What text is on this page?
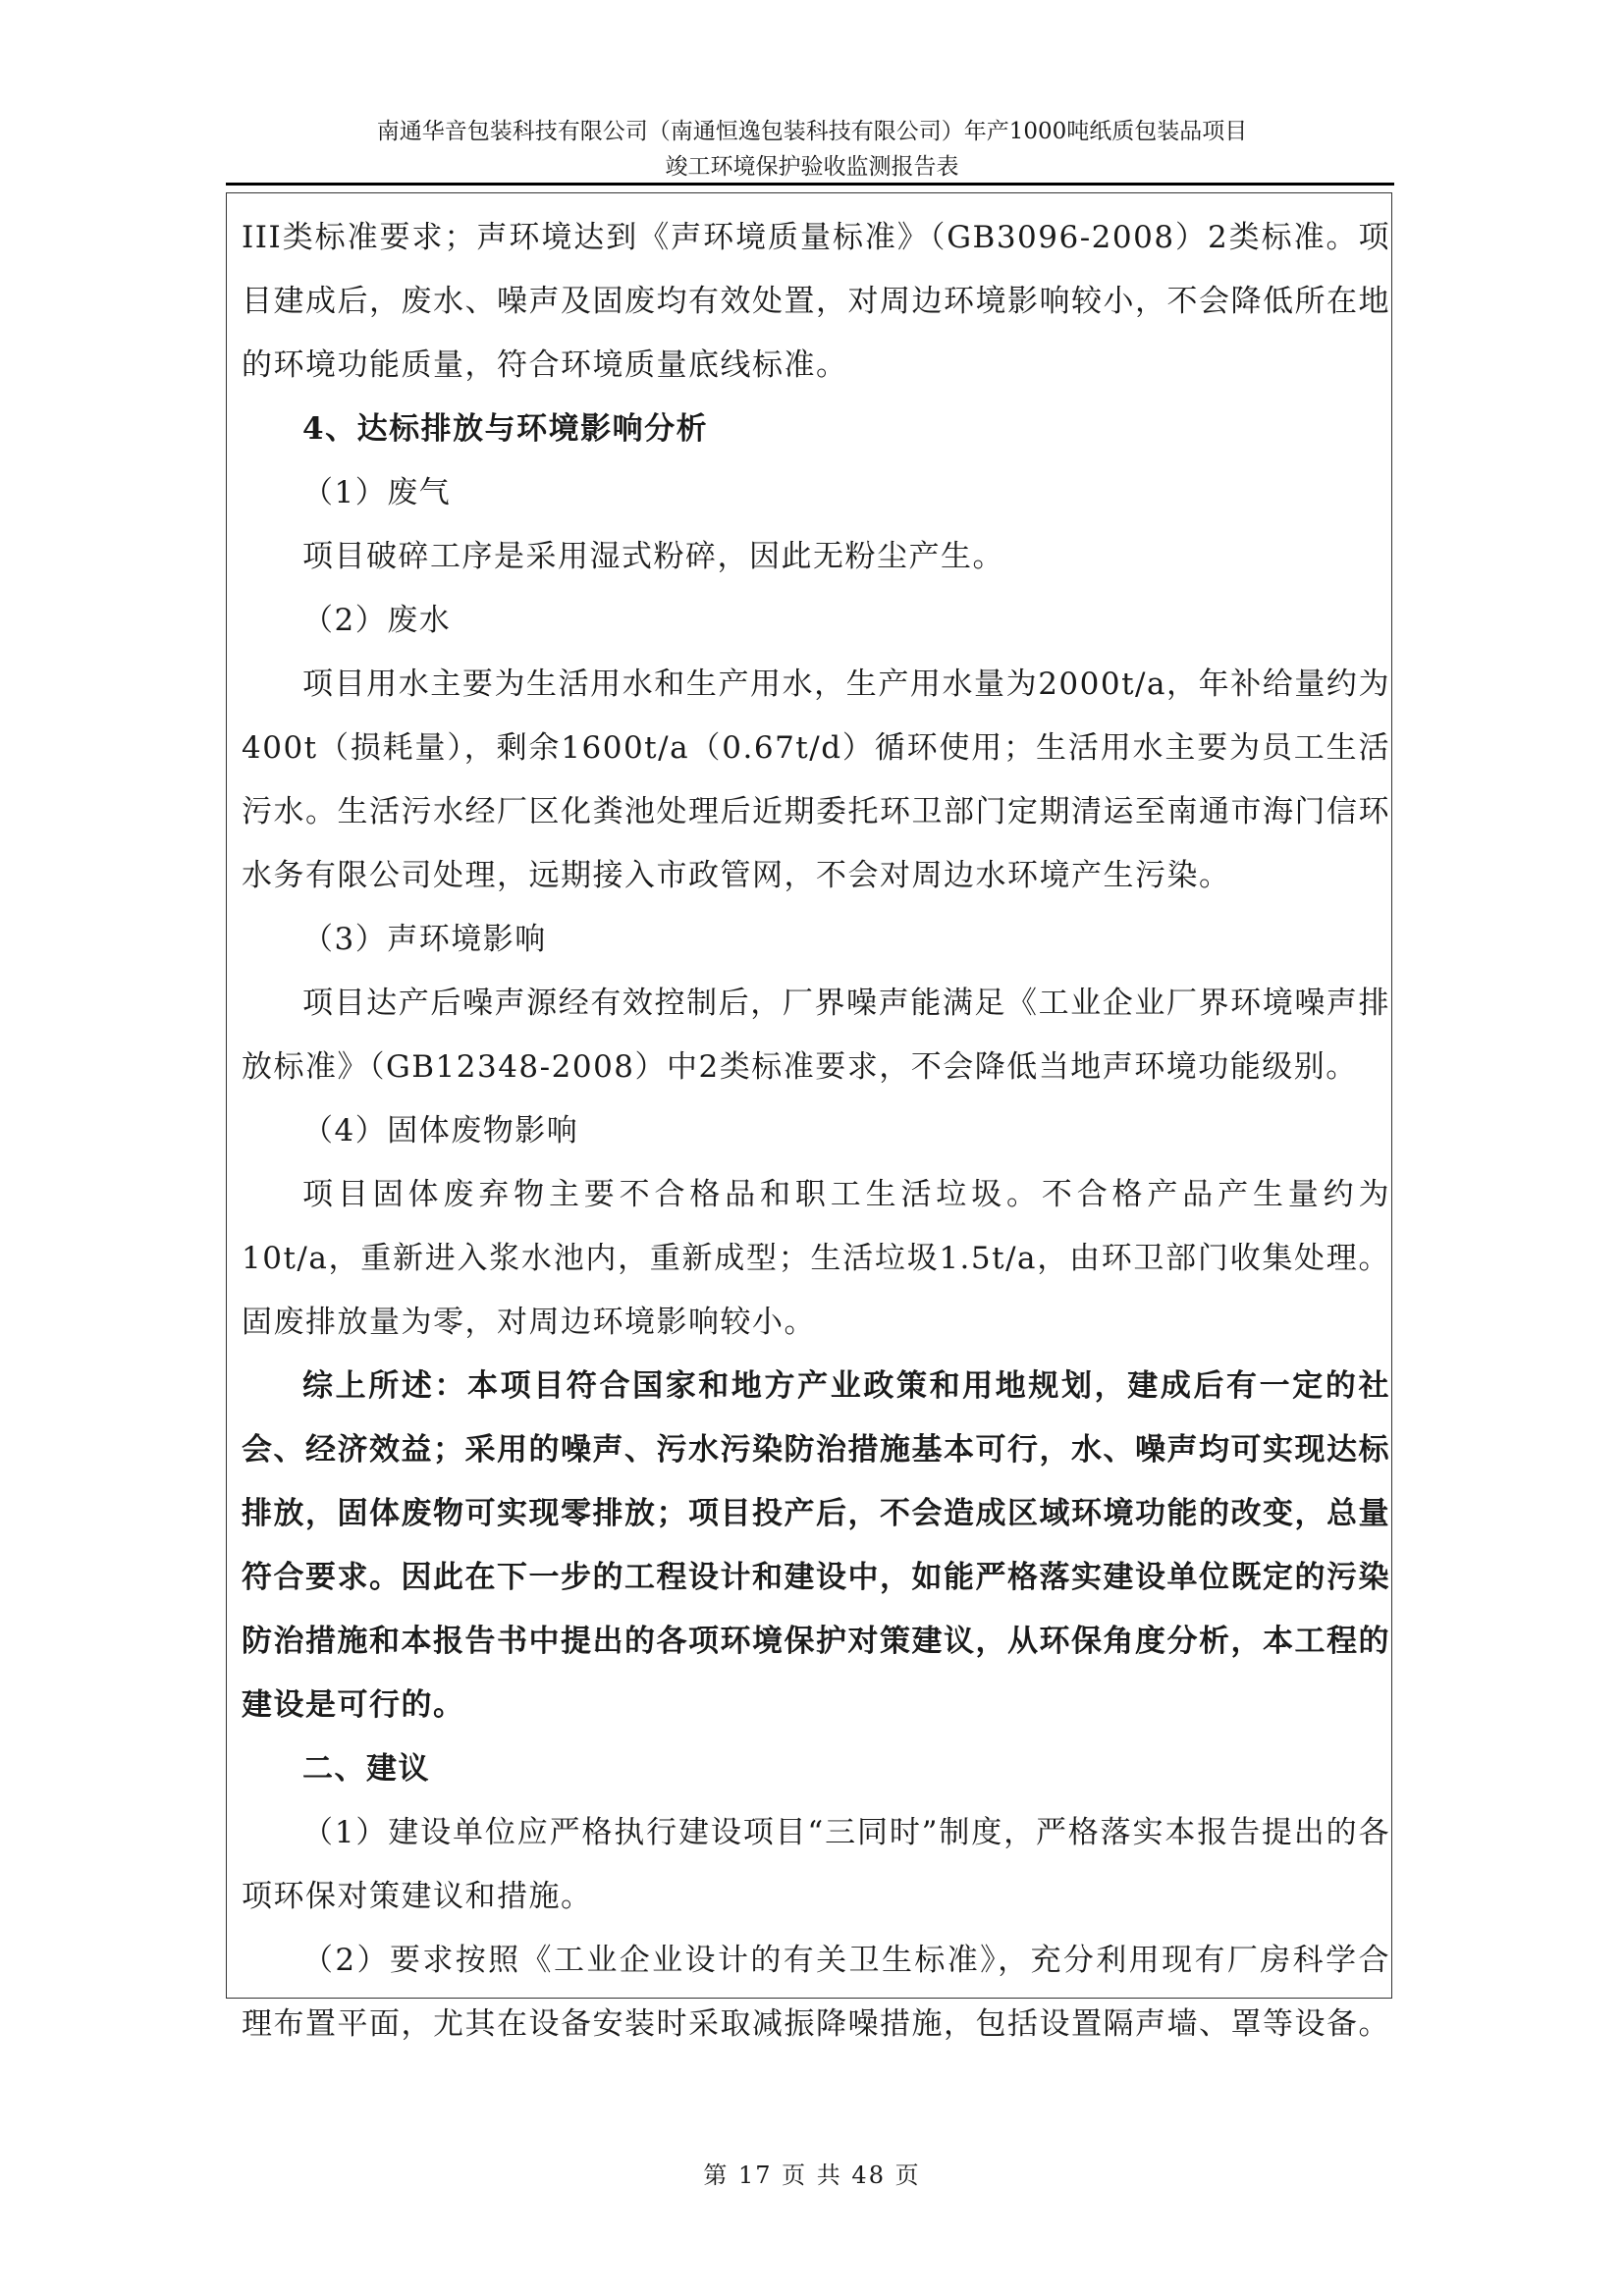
南通华音包装科技有限公司（南通恒逸包装科技有限公司）年产1000吨纸质包装品项目
竣工环境保护验收监测报告表

III类标准要求；声环境达到《声环境质量标准》（GB3096-2008）2类标准。项目建成后，废水、噪声及固废均有效处置，对周边环境影响较小，不会降低所在地的环境功能质量，符合环境质量底线标准。

4、达标排放与环境影响分析

（1）废气

项目破碎工序是采用湿式粉碎，因此无粉尘产生。

（2）废水

项目用水主要为生活用水和生产用水，生产用水量为2000t/a，年补给量约为400t（损耗量），剩余1600t/a（0.67t/d）循环使用；生活用水主要为员工生活污水。生活污水经厂区化粪池处理后近期委托环卫部门定期清运至南通市海门信环水务有限公司处理，远期接入市政管网，不会对周边水环境产生污染。

（3）声环境影响

项目达产后噪声源经有效控制后，厂界噪声能满足《工业企业厂界环境噪声排放标准》（GB12348-2008）中2类标准要求，不会降低当地声环境功能级别。

（4）固体废物影响

项目固体废弃物主要不合格品和职工生活垃圾。不合格产品产生量约为10t/a，重新进入浆水池内，重新成型；生活垃圾1.5t/a，由环卫部门收集处理。固废排放量为零，对周边环境影响较小。

综上所述：本项目符合国家和地方产业政策和用地规划，建成后有一定的社会、经济效益；采用的噪声、污水污染防治措施基本可行，水、噪声均可实现达标排放，固体废物可实现零排放；项目投产后，不会造成区域环境功能的改变，总量符合要求。因此在下一步的工程设计和建设中，如能严格落实建设单位既定的污染防治措施和本报告书中提出的各项环境保护对策建议，从环保角度分析，本工程的建设是可行的。

二、建议

（1）建设单位应严格执行建设项目“三同时”制度，严格落实本报告提出的各项环保对策建议和措施。

（2）要求按照《工业企业设计的有关卫生标准》，充分利用现有厂房科学合理布置平面，尤其在设备安装时采取减振降噪措施，包括设置隔声墙、罩等设备。

第 17 页 共 48 页
